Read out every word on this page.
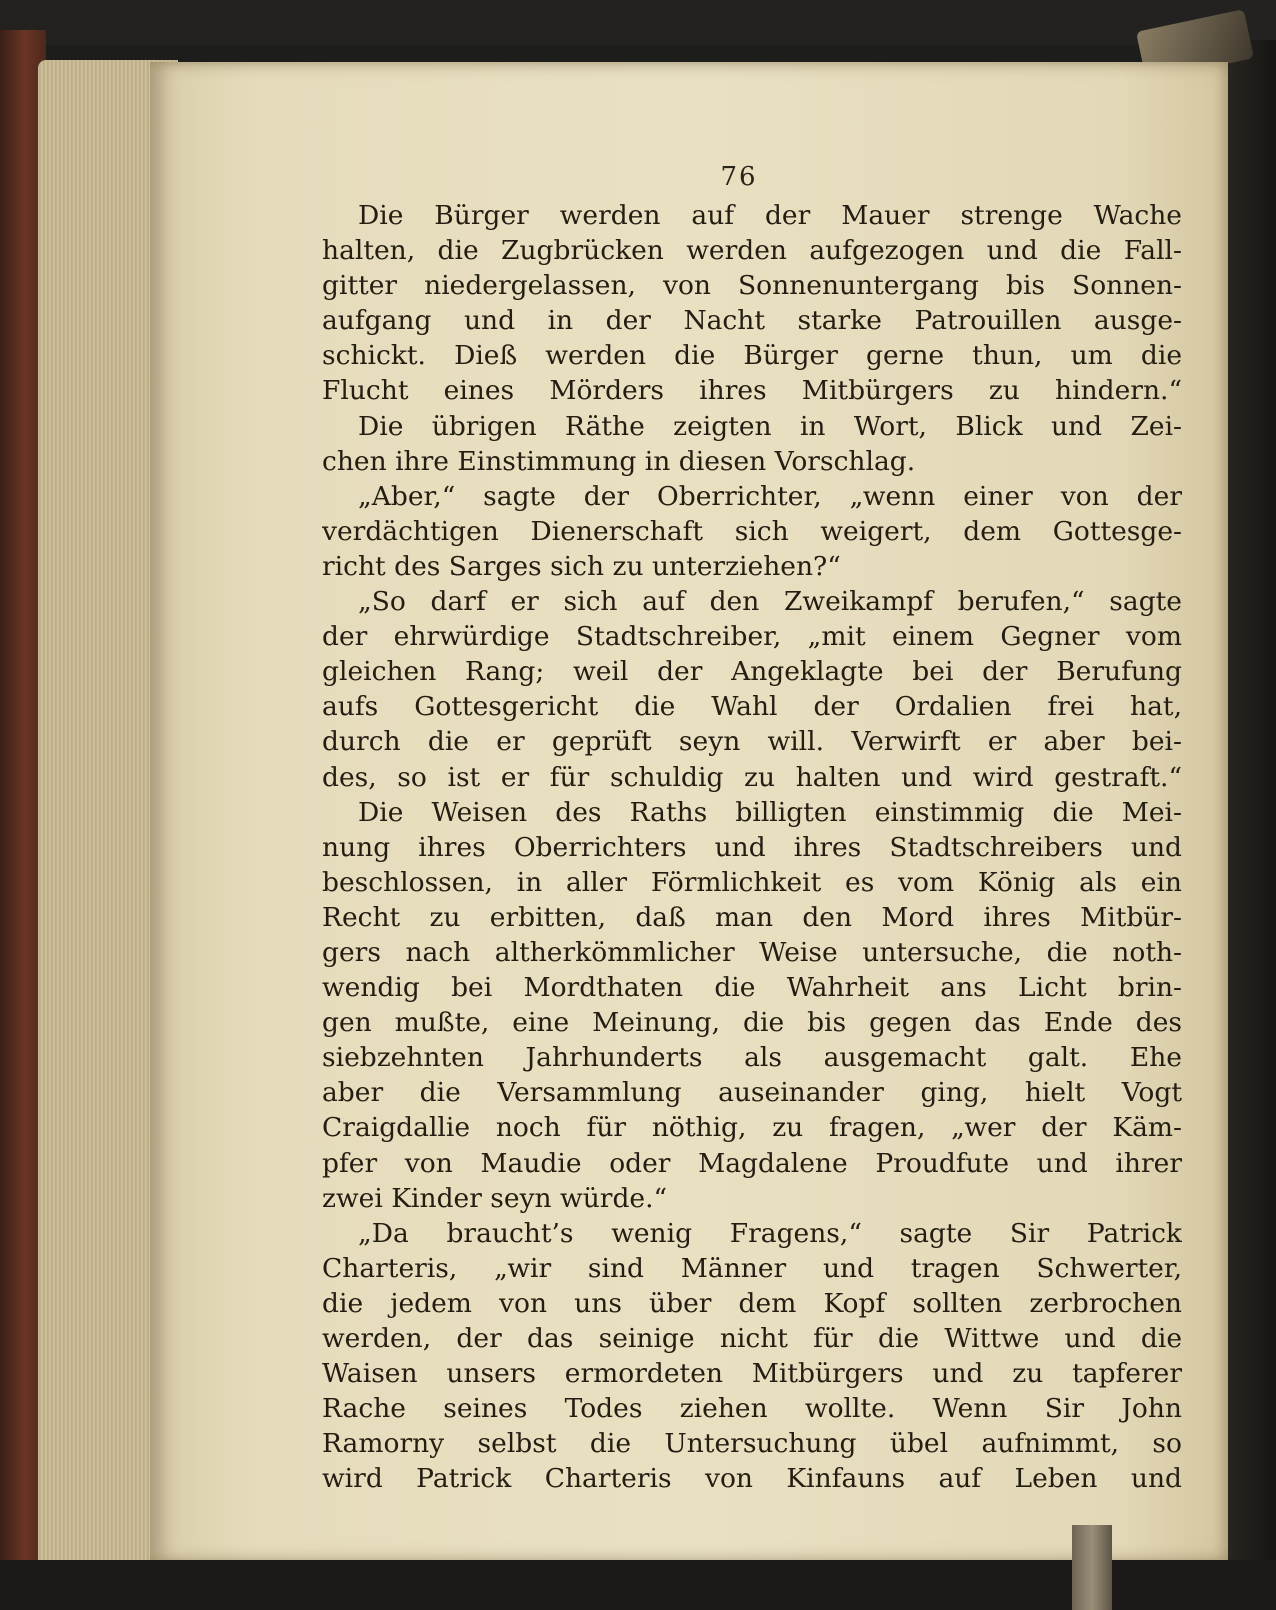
76
Die Bürger werden auf der Mauer strenge Wache
halten, die Zugbrücken werden aufgezogen und die Fall-
gitter niedergelassen, von Sonnenuntergang bis Sonnen-
aufgang und in der Nacht starke Patrouillen ausge-
schickt. Dieß werden die Bürger gerne thun, um die
Flucht eines Mörders ihres Mitbürgers zu hindern.“
Die übrigen Räthe zeigten in Wort, Blick und Zei-
chen ihre Einstimmung in diesen Vorschlag.
„Aber,“ sagte der Oberrichter, „wenn einer von der
verdächtigen Dienerschaft sich weigert, dem Gottesge-
richt des Sarges sich zu unterziehen?“
„So darf er sich auf den Zweikampf berufen,“ sagte
der ehrwürdige Stadtschreiber, „mit einem Gegner vom
gleichen Rang; weil der Angeklagte bei der Berufung
aufs Gottesgericht die Wahl der Ordalien frei hat,
durch die er geprüft seyn will. Verwirft er aber bei-
des, so ist er für schuldig zu halten und wird gestraft.“
Die Weisen des Raths billigten einstimmig die Mei-
nung ihres Oberrichters und ihres Stadtschreibers und
beschlossen, in aller Förmlichkeit es vom König als ein
Recht zu erbitten, daß man den Mord ihres Mitbür-
gers nach altherkömmlicher Weise untersuche, die noth-
wendig bei Mordthaten die Wahrheit ans Licht brin-
gen mußte, eine Meinung, die bis gegen das Ende des
siebzehnten Jahrhunderts als ausgemacht galt. Ehe
aber die Versammlung auseinander ging, hielt Vogt
Craigdallie noch für nöthig, zu fragen, „wer der Käm-
pfer von Maudie oder Magdalene Proudfute und ihrer
zwei Kinder seyn würde.“
„Da braucht’s wenig Fragens,“ sagte Sir Patrick
Charteris, „wir sind Männer und tragen Schwerter,
die jedem von uns über dem Kopf sollten zerbrochen
werden, der das seinige nicht für die Wittwe und die
Waisen unsers ermordeten Mitbürgers und zu tapferer
Rache seines Todes ziehen wollte. Wenn Sir John
Ramorny selbst die Untersuchung übel aufnimmt, so
wird Patrick Charteris von Kinfauns auf Leben und
